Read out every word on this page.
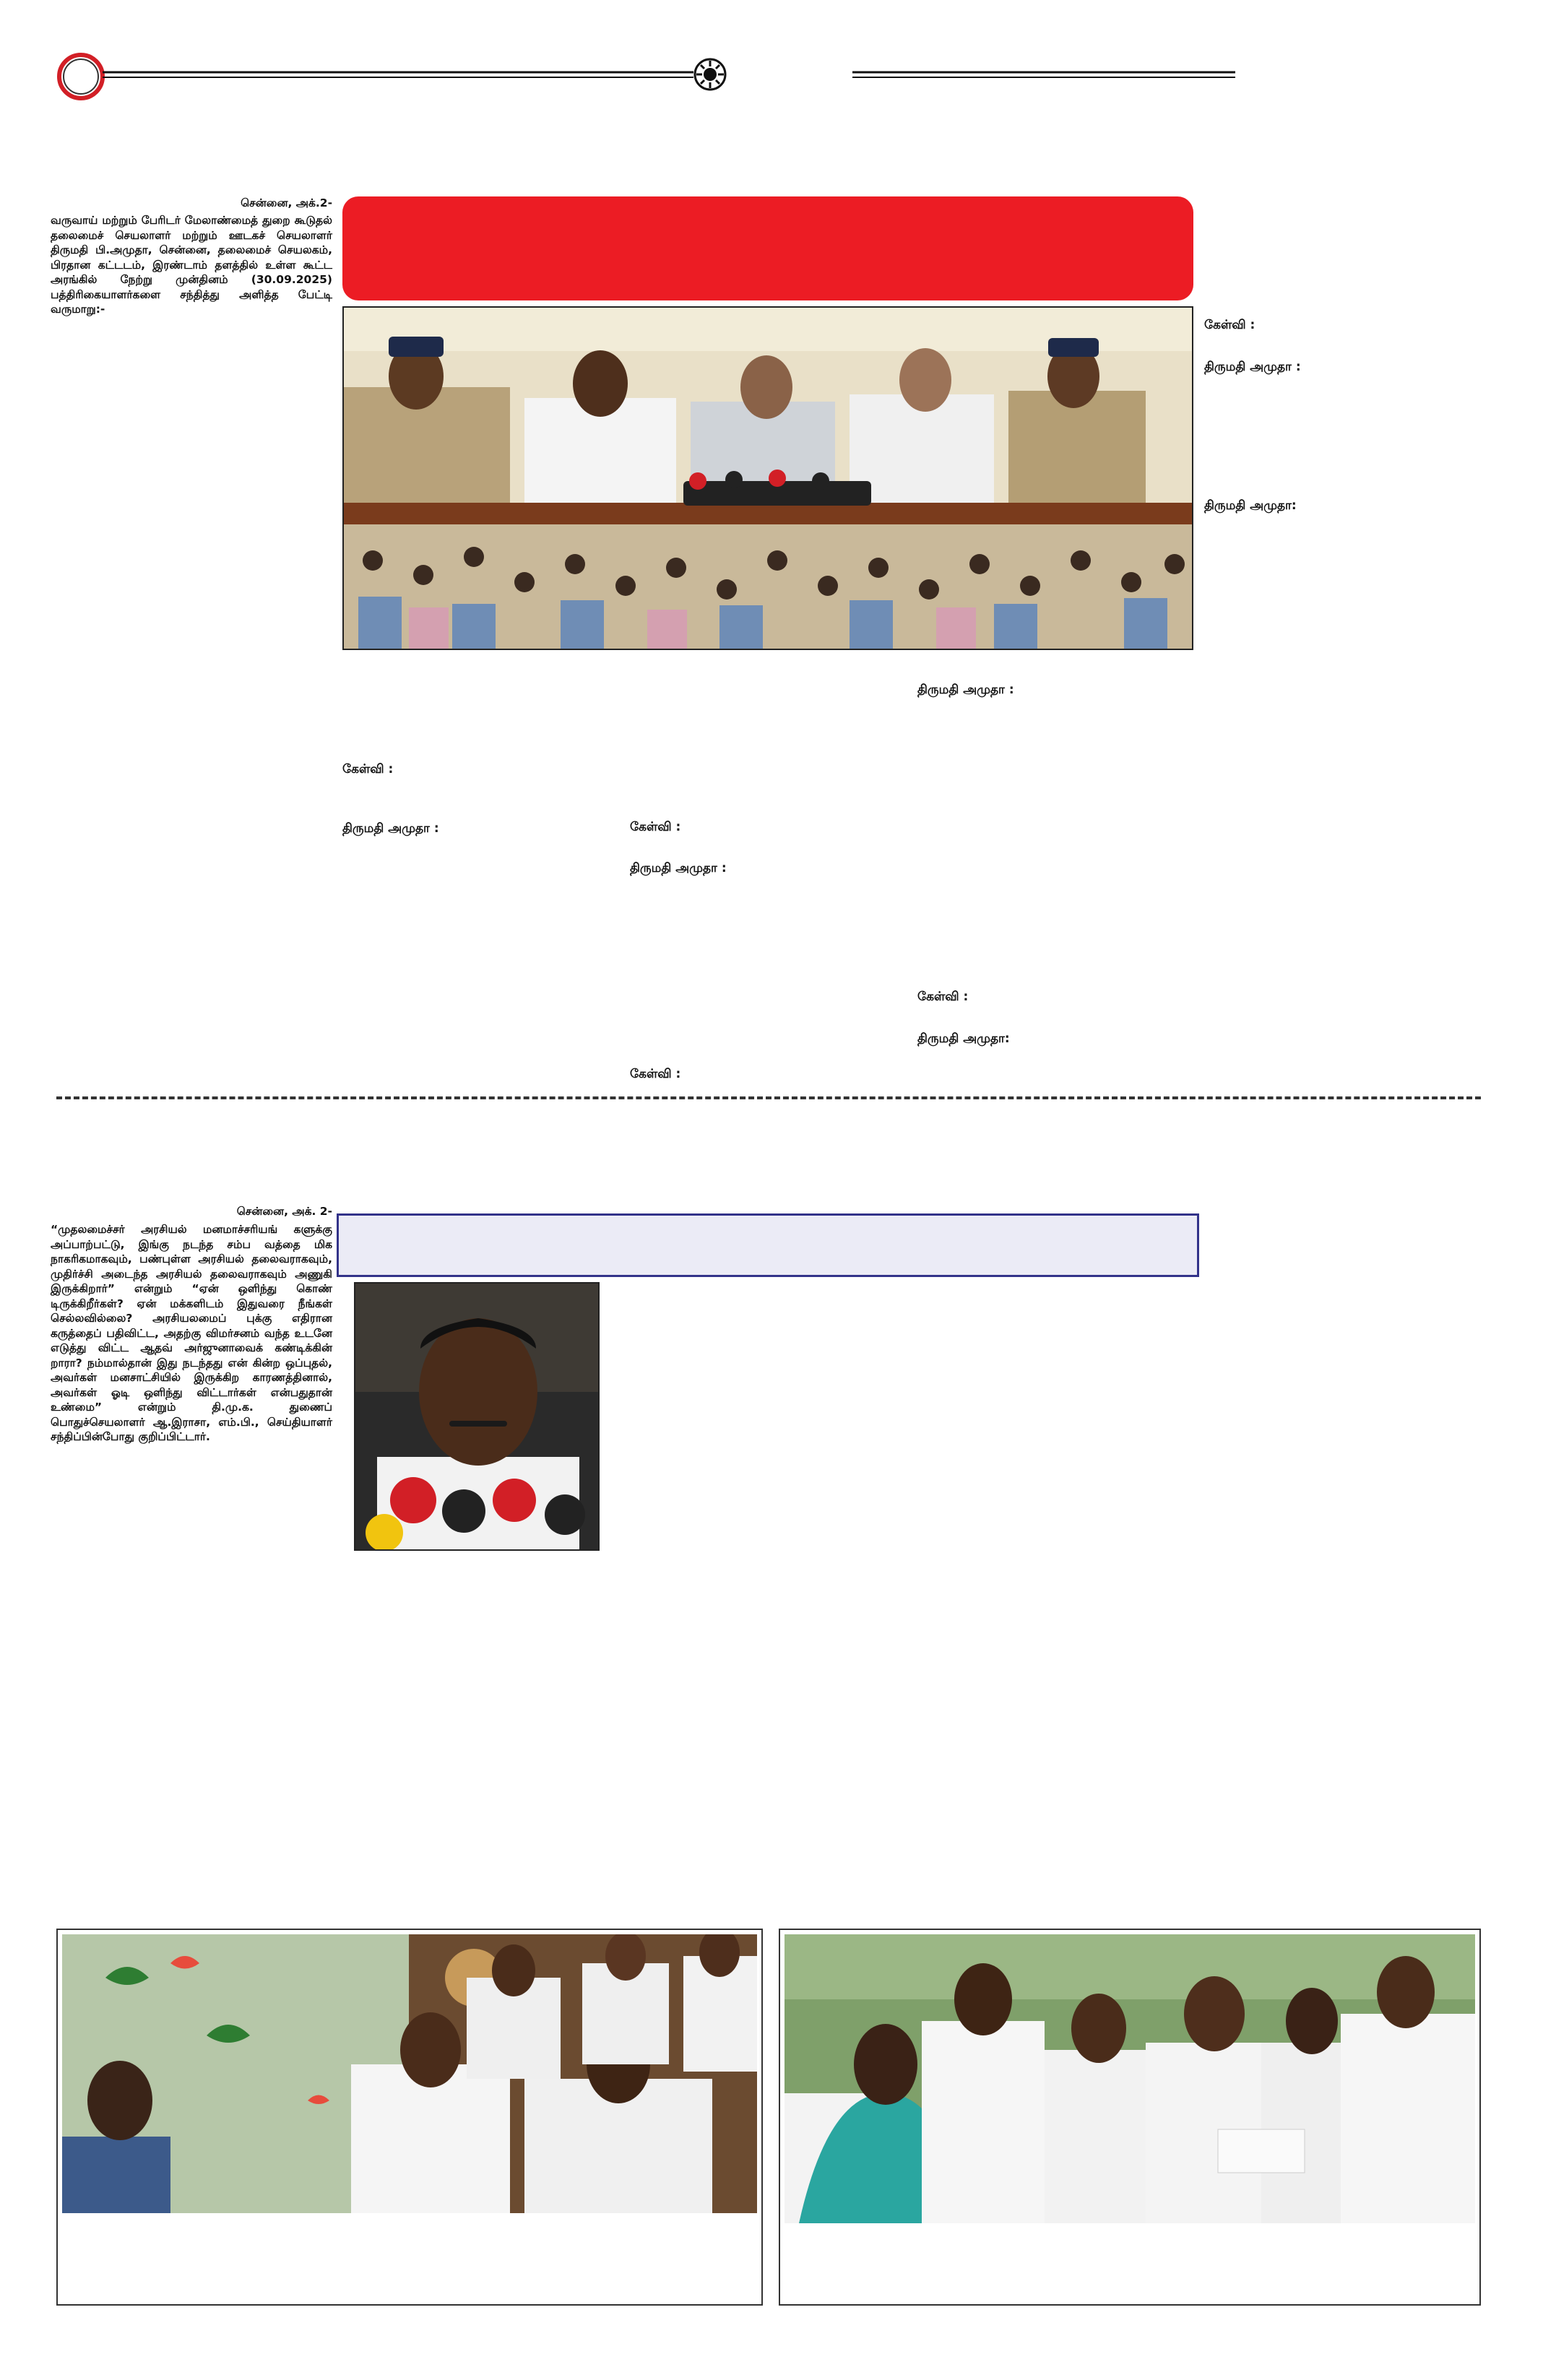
சென்னை, அக்.2-
வருவாய் மற்றும் பேரிடர் மேலாண்மைத் துறை கூடுதல் தலைமைச் செயலாளர் மற்றும் ஊடகச் செயலாளர் திருமதி பி.அமுதா, சென்னை, தலைமைச் செயலகம், பிரதான கட்டடம், இரண்டாம் தளத்தில் உள்ள கூட்ட அரங்கில் நேற்று முன்தினம் (30.09.2025) பத்திரிகையாளர்களை சந்தித்து அளித்த பேட்டி வருமாறு:-
கேள்வி :
திருமதி அமுதா :
திருமதி அமுதா:
திருமதி அமுதா :
கேள்வி :
திருமதி அமுதா :	கேள்வி :
திருமதி அமுதா :
கேள்வி :
திருமதி அமுதா:
கேள்வி :
சென்னை, அக். 2-
“முதலமைச்சர் அரசியல் மனமாச்சரியங் களுக்கு அப்பாற்பட்டு, இங்கு நடந்த சம்ப வத்தை மிக நாகரிகமாகவும், பண்புள்ள அரசியல் தலைவராகவும், முதிர்ச்சி அடைந்த அரசியல் தலைவராகவும் அணுகி இருக்கிறார்” என்றும் “ஏன் ஒளிந்து கொண் டிருக்கிறீர்கள்? ஏன் மக்களிடம் இதுவரை நீங்கள் செல்லவில்லை? அரசியலமைப் புக்கு எதிரான கருத்தைப் பதிவிட்ட, அதற்கு விமர்சனம் வந்த உடனே எடுத்து விட்ட ஆதவ் அர்ஜுனாவைக் கண்டிக்கின் றாரா? நம்மால்தான் இது நடந்தது என் கின்ற ஒப்புதல், அவர்கள் மனசாட்சியில் இருக்கிற காரணத்தினால், அவர்கள் ஓடி ஒளிந்து விட்டார்கள் என்பதுதான் உண்மை” என்றும் தி.மு.க. துணைப் பொதுச்செயலாளர் ஆ.இராசா, எம்.பி., செய்தியாளர் சந்திப்பின்போது குறிப்பிட்டார்.
